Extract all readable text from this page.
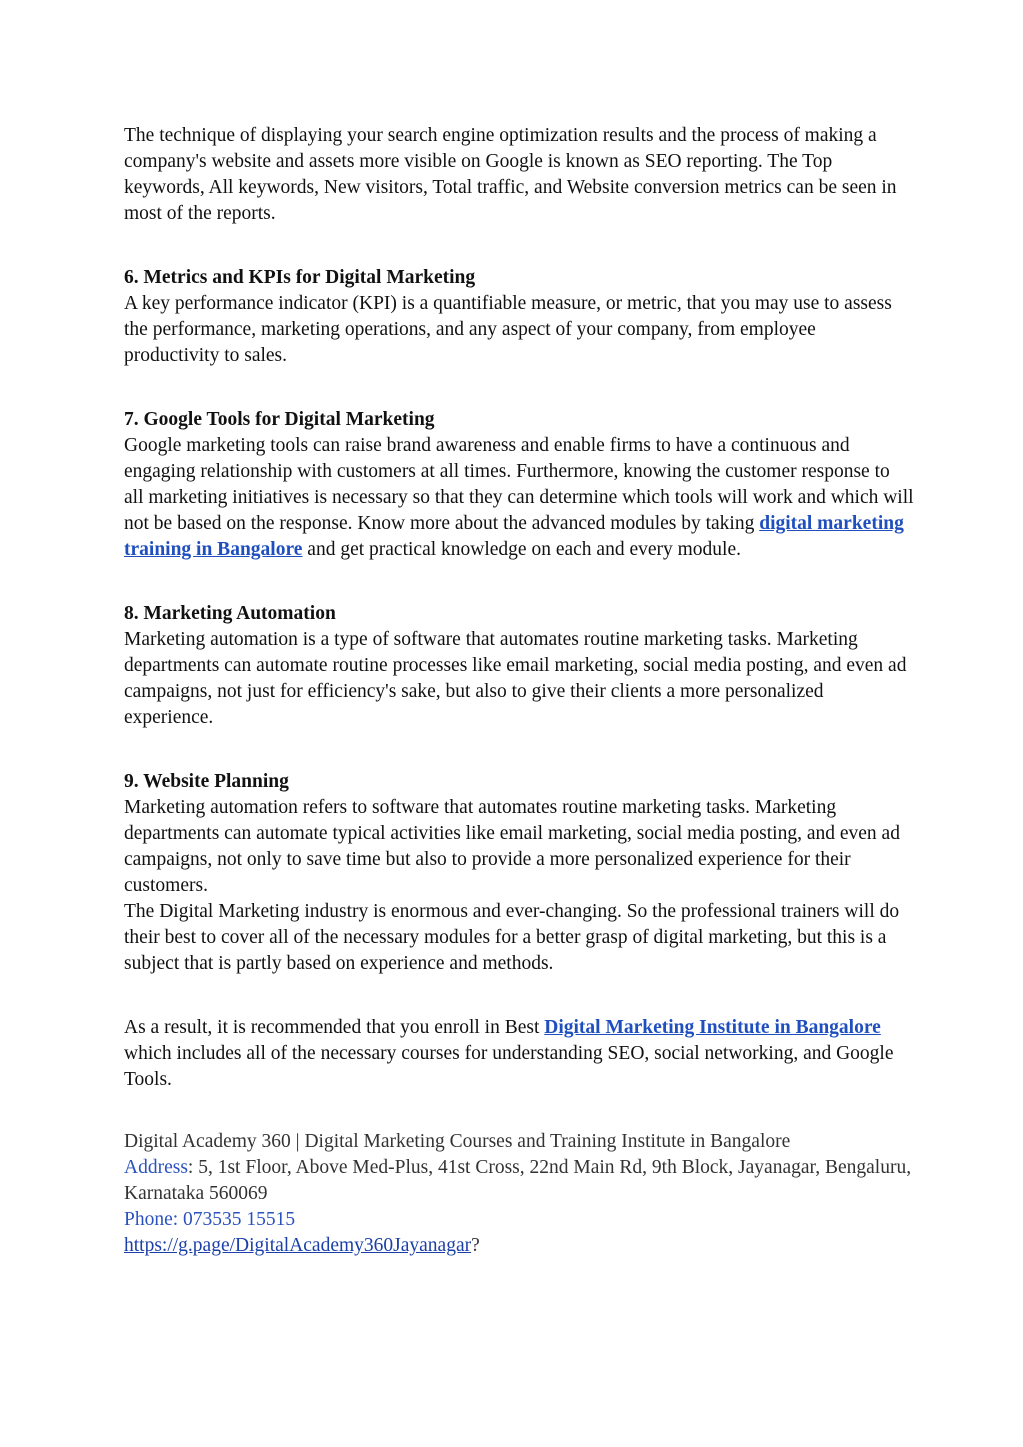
The technique of displaying your search engine optimization results and the process of making a company's website and assets more visible on Google is known as SEO reporting. The Top keywords, All keywords, New visitors, Total traffic, and Website conversion metrics can be seen in most of the reports.

6. Metrics and KPIs for Digital Marketing

A key performance indicator (KPI) is a quantifiable measure, or metric, that you may use to assess the performance, marketing operations, and any aspect of your company, from employee productivity to sales.

7. Google Tools for Digital Marketing

Google marketing tools can raise brand awareness and enable firms to have a continuous and engaging relationship with customers at all times. Furthermore, knowing the customer response to all marketing initiatives is necessary so that they can determine which tools will work and which will not be based on the response. Know more about the advanced modules by taking digital marketing training in Bangalore and get practical knowledge on each and every module.

8. Marketing Automation

Marketing automation is a type of software that automates routine marketing tasks. Marketing departments can automate routine processes like email marketing, social media posting, and even ad campaigns, not just for efficiency's sake, but also to give their clients a more personalized experience.

9. Website Planning

Marketing automation refers to software that automates routine marketing tasks. Marketing departments can automate typical activities like email marketing, social media posting, and even ad campaigns, not only to save time but also to provide a more personalized experience for their customers.

The Digital Marketing industry is enormous and ever-changing. So the professional trainers will do their best to cover all of the necessary modules for a better grasp of digital marketing, but this is a subject that is partly based on experience and methods.

As a result, it is recommended that you enroll in Best Digital Marketing Institute in Bangalore which includes all of the necessary courses for understanding SEO, social networking, and Google Tools.

Digital Academy 360 | Digital Marketing Courses and Training Institute in Bangalore
Address: 5, 1st Floor, Above Med-Plus, 41st Cross, 22nd Main Rd, 9th Block, Jayanagar, Bengaluru, Karnataka 560069
Phone: 073535 15515
https://g.page/DigitalAcademy360Jayanagar?
